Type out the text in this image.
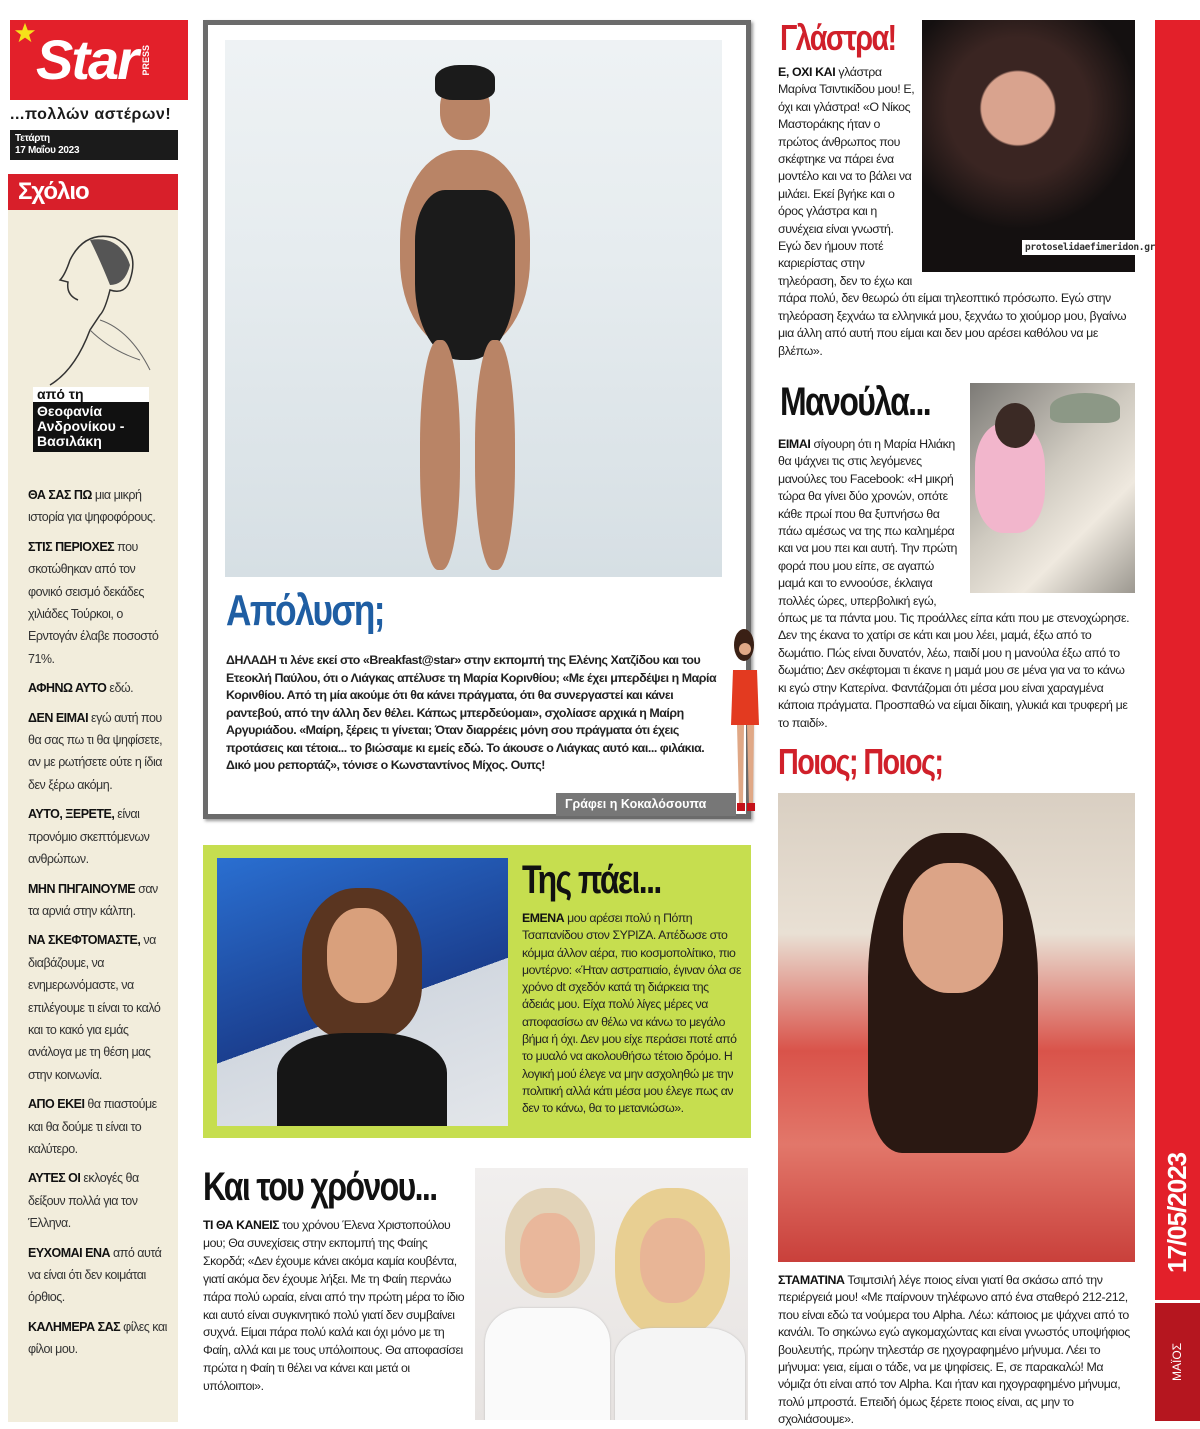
Star PRESS
...πολλών αστέρων!
Τετάρτη
17 Μαΐου 2023
Σχόλιο
από τη
Θεοφανία Ανδρονίκου - Βασιλάκη

ΘΑ ΣΑΣ ΠΩ μια μικρή ιστορία για ψηφοφόρους.

ΣΤΙΣ ΠΕΡΙΟΧΕΣ που σκοτώθηκαν από τον φονικό σεισμό δεκάδες χιλιάδες Τούρκοι, ο Ερντογάν έλαβε ποσοστό 71%.

ΑΦΗΝΩ ΑΥΤΟ εδώ.

ΔΕΝ ΕΙΜΑΙ εγώ αυτή που θα σας πω τι θα ψηφίσετε, αν με ρωτήσετε ούτε η ίδια δεν ξέρω ακόμη.

ΑΥΤΟ, ΞΕΡΕΤΕ, είναι προνόμιο σκεπτόμενων ανθρώπων.

ΜΗΝ ΠΗΓΑΙΝΟΥΜΕ σαν τα αρνιά στην κάλπη.

ΝΑ ΣΚΕΦΤΟΜΑΣΤΕ, να διαβάζουμε, να ενημερωνόμαστε, να επιλέγουμε τι είναι το καλό και το κακό για εμάς ανάλογα με τη θέση μας στην κοινωνία.

ΑΠΟ ΕΚΕΙ θα πιαστούμε και θα δούμε τι είναι το καλύτερο.

ΑΥΤΕΣ ΟΙ εκλογές θα δείξουν πολλά για τον Έλληνα.

ΕΥΧΟΜΑΙ ΕΝΑ από αυτά να είναι ότι δεν κοιμάται όρθιος.

ΚΑΛΗΜΕΡΑ ΣΑΣ φίλες και φίλοι μου.

Απόλυση;
ΔΗΛΑΔΗ τι λένε εκεί στο «Breakfast@star» στην εκπομπή της Ελένης Χατζίδου και του Ετεοκλή Παύλου, ότι ο Λιάγκας απέλυσε τη Μαρία Κορινθίου; «Με έχει μπερδέψει η Μαρία Κορινθίου. Από τη μία ακούμε ότι θα κάνει πράγματα, ότι θα συνεργαστεί και κάνει ραντεβού, από την άλλη δεν θέλει. Κάπως μπερδεύομαι», σχολίασε αρχικά η Μαίρη Αργυριάδου. «Μαίρη, ξέρεις τι γίνεται; Όταν διαρρέεις μόνη σου πράγματα ότι έχεις προτάσεις και τέτοια... το βιώσαμε κι εμείς εδώ. Το άκουσε ο Λιάγκας αυτό και... φιλάκια. Δικό μου ρεπορτάζ», τόνισε ο Κωνσταντίνος Μίχος. Ουπς!
Γράφει η Κοκαλόσουπα
Της πάει...
ΕΜΕΝΑ μου αρέσει πολύ η Πόπη Τσαπανίδου στον ΣΥΡΙΖΑ. Απέδωσε στο κόμμα άλλον αέρα, πιο κοσμοπολίτικο, πιο μοντέρνο: «Ήταν αστραπιαίο, έγιναν όλα σε χρόνο dt σχεδόν κατά τη διάρκεια της άδειάς μου. Είχα πολύ λίγες μέρες να αποφασίσω αν θέλω να κάνω το μεγάλο βήμα ή όχι. Δεν μου είχε περάσει ποτέ από το μυαλό να ακολουθήσω τέτοιο δρόμο. Η λογική μού έλεγε να μην ασχοληθώ με την πολιτική αλλά κάτι μέσα μου έλεγε πως αν δεν το κάνω, θα το μετανιώσω».
Και του χρόνου...
ΤΙ ΘΑ ΚΑΝΕΙΣ του χρόνου Έλενα Χριστοπούλου μου; Θα συνεχίσεις στην εκπομπή της Φαίης Σκορδά; «Δεν έχουμε κάνει ακόμα καμία κουβέντα, γιατί ακόμα δεν έχουμε λήξει. Με τη Φαίη περνάω πάρα πολύ ωραία, είναι από την πρώτη μέρα το ίδιο και αυτό είναι συγκινητικό πολύ γιατί δεν συμβαίνει συχνά. Είμαι πάρα πολύ καλά και όχι μόνο με τη Φαίη, αλλά και με τους υπόλοιπους. Θα αποφασίσει πρώτα η Φαίη τι θέλει να κάνει και μετά οι υπόλοιποι».
Γλάστρα!
Ε, ΟΧΙ ΚΑΙ γλάστρα Μαρίνα Τσιντικίδου μου! Ε, όχι και γλάστρα! «Ο Νίκος Μαστοράκης ήταν ο πρώτος άνθρωπος που σκέφτηκε να πάρει ένα μοντέλο και να το βάλει να μιλάει. Εκεί βγήκε και ο όρος γλάστρα και η συνέχεια είναι γνωστή. Εγώ δεν ήμουν ποτέ καριερίστας στην τηλεόραση, δεν το έχω και πάρα πολύ, δεν θεωρώ ότι είμαι τηλεοπτικό πρόσωπο. Εγώ στην τηλεόραση ξεχνάω τα ελληνικά μου, ξεχνάω το χιούμορ μου, βγαίνω μια άλλη από αυτή που είμαι και δεν μου αρέσει καθόλου να με βλέπω».
protoselidaefimeridon.gr
Μανούλα...
ΕΙΜΑΙ σίγουρη ότι η Μαρία Ηλιάκη θα ψάχνει τις στις λεγόμενες μανούλες του Facebook: «Η μικρή τώρα θα γίνει δύο χρονών, οπότε κάθε πρωί που θα ξυπνήσω θα πάω αμέσως να της πω καλημέρα και να μου πει και αυτή. Την πρώτη φορά που μου είπε, σε αγαπώ μαμά και το εννοούσε, έκλαιγα πολλές ώρες, υπερβολική εγώ, όπως με τα πάντα μου. Τις προάλλες είπα κάτι που με στενοχώρησε. Δεν της έκανα το χατίρι σε κάτι και μου λέει, μαμά, έξω από το δωμάτιο. Πώς είναι δυνατόν, λέω, παιδί μου η μανούλα έξω από το δωμάτιο; Δεν σκέφτομαι τι έκανε η μαμά μου σε μένα για να το κάνω κι εγώ στην Κατερίνα. Φαντάζομαι ότι μέσα μου είναι χαραγμένα κάποια πράγματα. Προσπαθώ να είμαι δίκαιη, γλυκιά και τρυφερή με το παιδί».
Ποιος; Ποιος;
ΣΤΑΜΑΤΙΝΑ Τσιμτσιλή λέγε ποιος είναι γιατί θα σκάσω από την περιέργειά μου! «Με παίρνουν τηλέφωνο από ένα σταθερό 212-212, που είναι εδώ τα νούμερα του Alpha. Λέω: κάποιος με ψάχνει από το κανάλι. Το σηκώνω εγώ αγκομαχώντας και είναι γνωστός υποψήφιος βουλευτής, πρώην τηλεστάρ σε ηχογραφημένο μήνυμα. Λέει το μήνυμα: γεια, είμαι ο τάδε, να με ψηφίσεις. Ε, σε παρακαλώ! Μα νόμιζα ότι είναι από τον Alpha. Και ήταν και ηχογραφημένο μήνυμα, πολύ μπροστά. Επειδή όμως ξέρετε ποιος είναι, ας μην το σχολιάσουμε».
17/05/2023
ΜΑΪΟΣ
